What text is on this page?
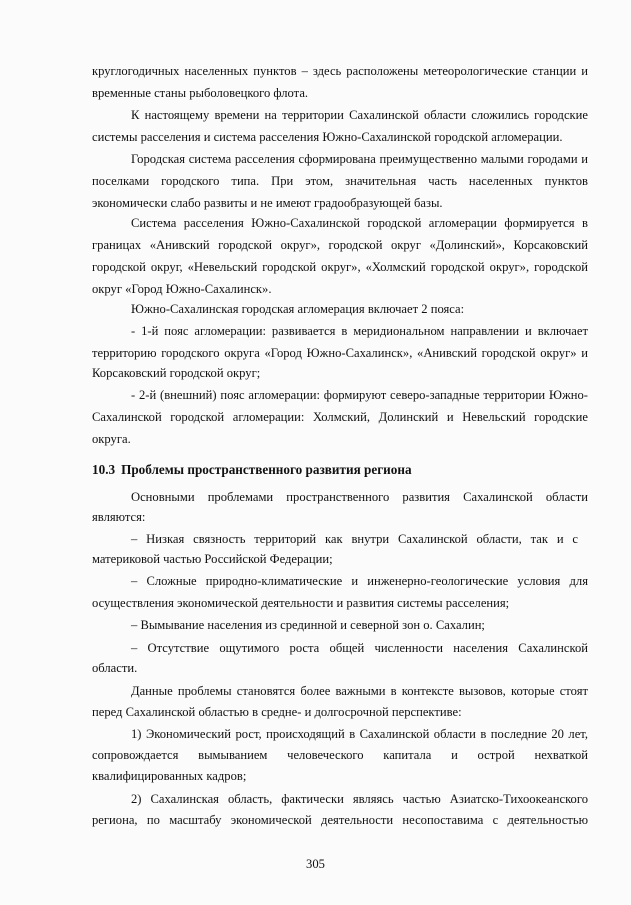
круглогодичных населенных пунктов – здесь расположены метеорологические станции и

временные станы рыболовецкого флота.

К настоящему времени на территории Сахалинской области сложились городские

системы расселения и система расселения Южно-Сахалинской городской агломерации.

Городская система расселения сформирована преимущественно малыми городами и

поселками городского типа. При этом, значительная часть населенных пунктов

экономически слабо развиты и не имеют градообразующей базы.

Система расселения Южно-Сахалинской городской агломерации формируется в

границах «Анивский городской округ», городской округ «Долинский», Корсаковский

городской округ, «Невельский городской округ», «Холмский городской округ», городской

округ «Город Южно-Сахалинск».

Южно-Сахалинская городская агломерация включает 2 пояса:

- 1-й пояс агломерации: развивается в меридиональном направлении и включает

территорию городского округа «Город Южно-Сахалинск», «Анивский городской округ» и

Корсаковский городской округ;

- 2-й (внешний) пояс агломерации: формируют северо-западные территории Южно-

Сахалинской городской агломерации: Холмский, Долинский и Невельский городские

округа.

10.3 Проблемы пространственного развития региона

Основными проблемами пространственного развития Сахалинской области

являются:

– Низкая связность территорий как внутри Сахалинской области, так и с

материковой частью Российской Федерации;

– Сложные природно-климатические и инженерно-геологические условия для

осуществления экономической деятельности и развития системы расселения;

– Вымывание населения из срединной и северной зон о. Сахалин;

– Отсутствие ощутимого роста общей численности населения Сахалинской

области.

Данные проблемы становятся более важными в контексте вызовов, которые стоят

перед Сахалинской областью в средне- и долгосрочной перспективе:

1) Экономический рост, происходящий в Сахалинской области в последние 20 лет,

сопровождается вымыванием человеческого капитала и острой нехваткой

квалифицированных кадров;

2) Сахалинская область, фактически являясь частью Азиатско-Тихоокеанского

региона, по масштабу экономической деятельности несопоставима с деятельностью

305
